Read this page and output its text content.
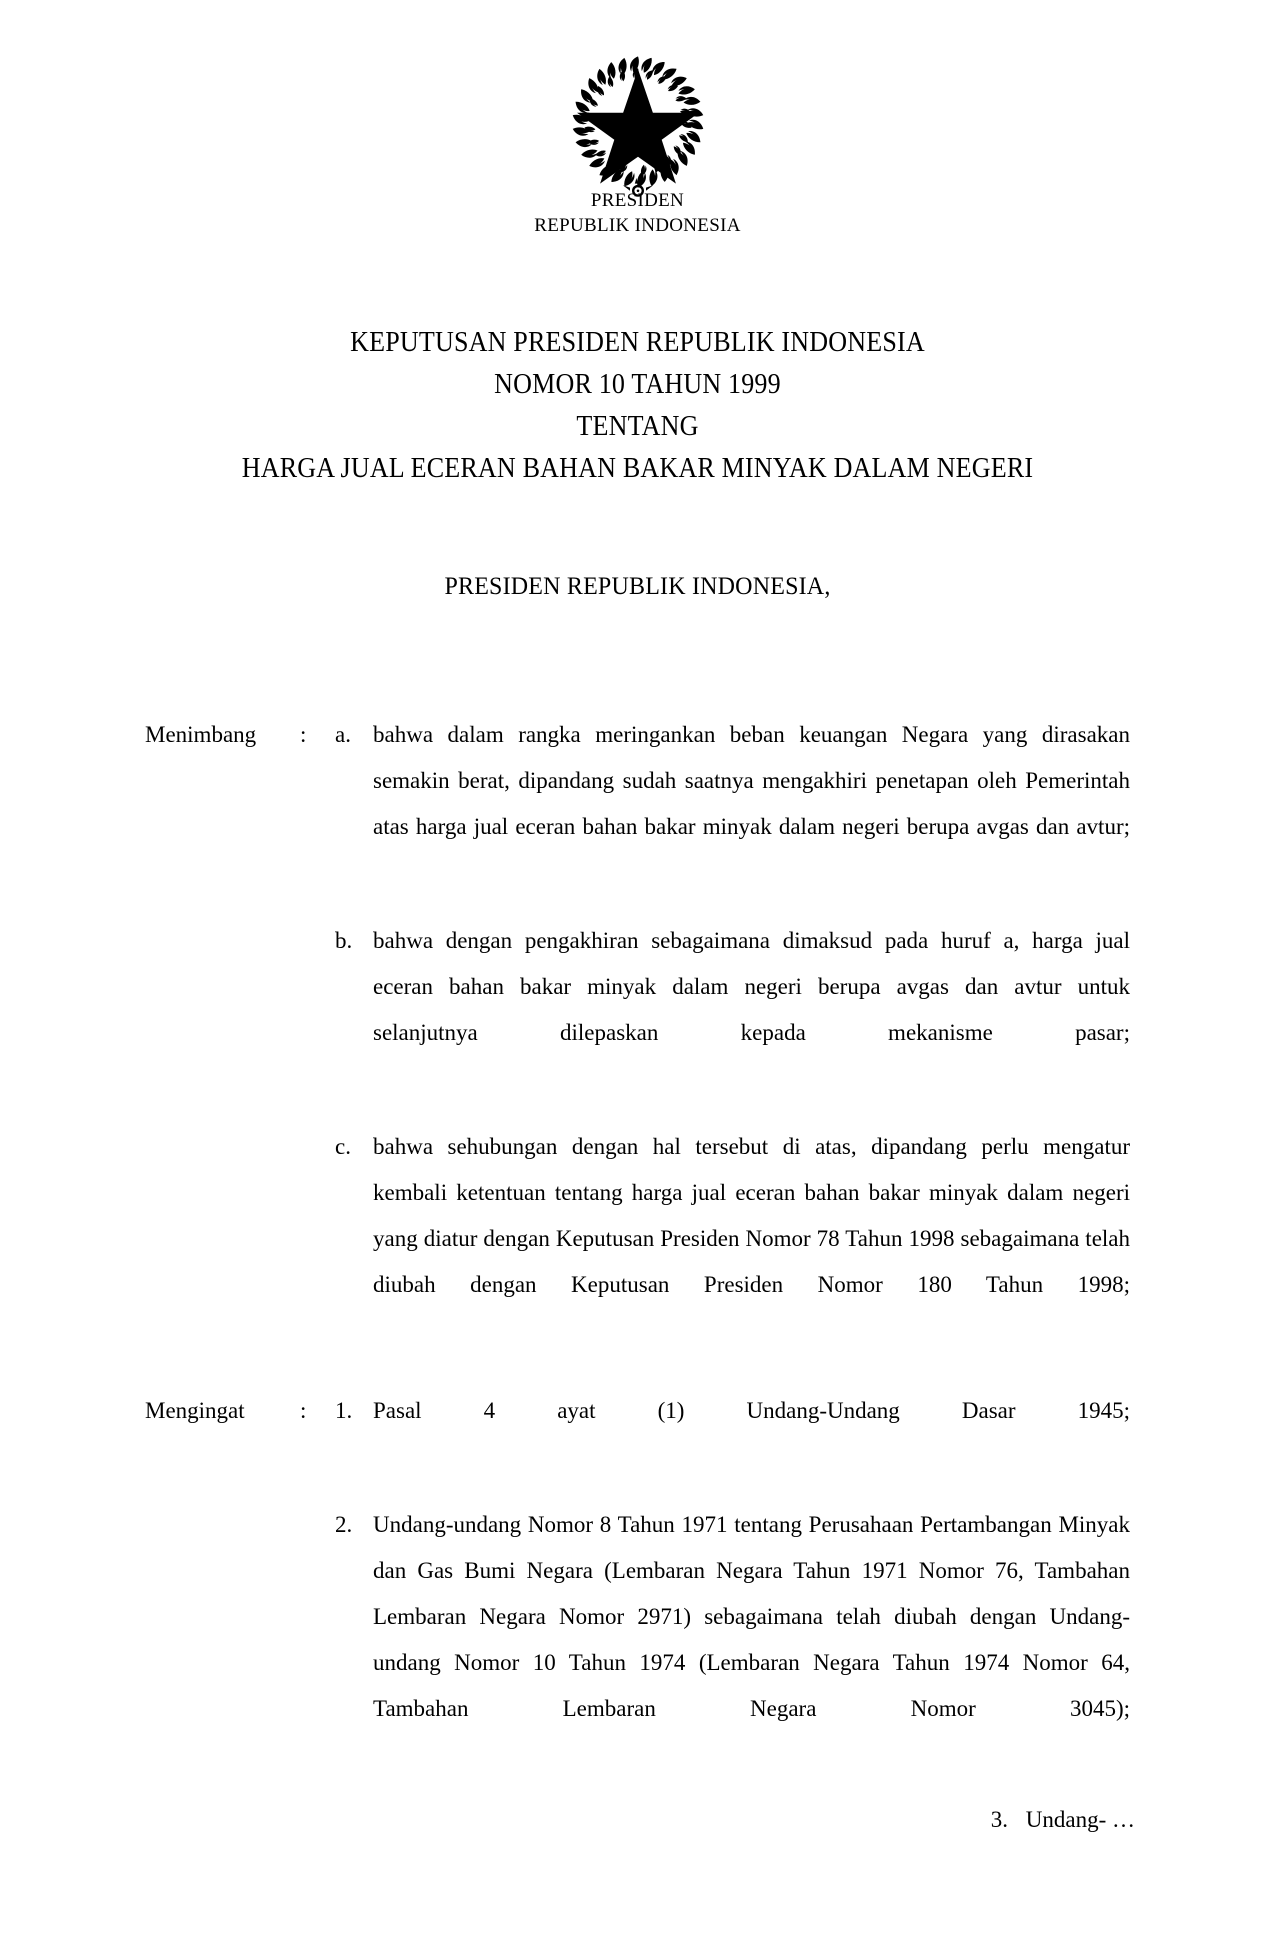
PRESIDEN
REPUBLIK INDONESIA
KEPUTUSAN PRESIDEN REPUBLIK INDONESIA
NOMOR 10 TAHUN 1999
TENTANG
HARGA JUAL ECERAN BAHAN BAKAR MINYAK DALAM NEGERI
PRESIDEN REPUBLIK INDONESIA,
Menimbang	:	a. bahwa dalam rangka meringankan beban keuangan Negara yang dirasakan semakin berat, dipandang sudah saatnya mengakhiri penetapan oleh Pemerintah atas harga jual eceran bahan bakar minyak dalam negeri berupa avgas dan avtur;
b. bahwa dengan pengakhiran sebagaimana dimaksud pada huruf a, harga jual eceran bahan bakar minyak dalam negeri berupa avgas dan avtur untuk selanjutnya dilepaskan kepada mekanisme pasar;
c. bahwa sehubungan dengan hal tersebut di atas, dipandang perlu mengatur kembali ketentuan tentang harga jual eceran bahan bakar minyak dalam negeri yang diatur dengan Keputusan Presiden Nomor 78 Tahun 1998 sebagaimana telah diubah dengan Keputusan Presiden Nomor 180 Tahun 1998;
Mengingat	:	1. Pasal 4 ayat (1) Undang-Undang Dasar 1945;
2. Undang-undang Nomor 8 Tahun 1971 tentang Perusahaan Pertambangan Minyak dan Gas Bumi Negara (Lembaran Negara Tahun 1971 Nomor 76, Tambahan Lembaran Negara Nomor 2971) sebagaimana telah diubah dengan Undang-undang Nomor 10 Tahun 1974 (Lembaran Negara Tahun 1974 Nomor 64, Tambahan Lembaran Negara Nomor 3045);
3. Undang- …
